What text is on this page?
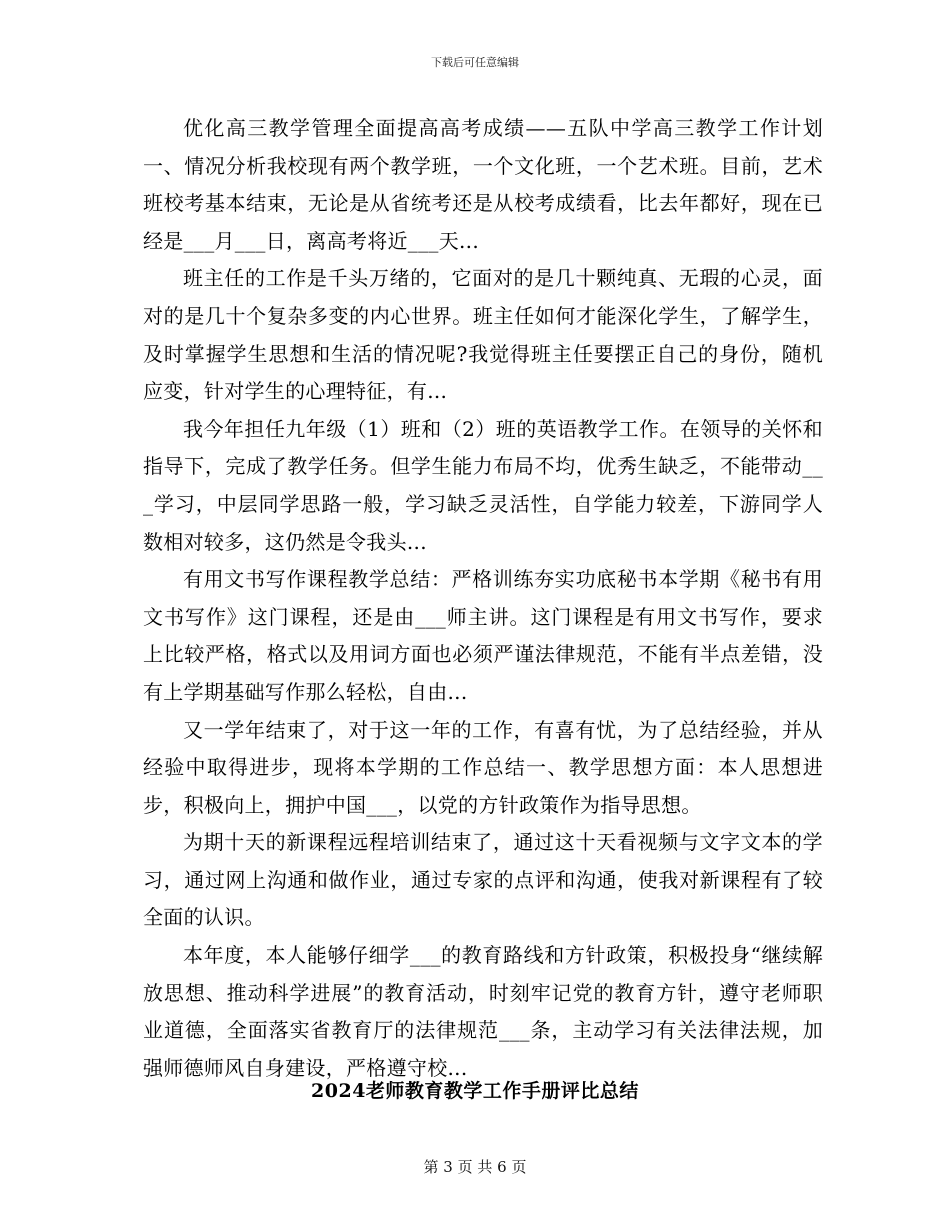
下载后可任意编辑

优化高三教学管理全面提高高考成绩——五队中学高三教学工作计划一、情况分析我校现有两个教学班，一个文化班，一个艺术班。目前，艺术班校考基本结束，无论是从省统考还是从校考成绩看，比去年都好，现在已经是___月___日，离高考将近___天...

班主任的工作是千头万绪的，它面对的是几十颗纯真、无瑕的心灵，面对的是几十个复杂多变的内心世界。班主任如何才能深化学生，了解学生，及时掌握学生思想和生活的情况呢?我觉得班主任要摆正自己的身份，随机应变，针对学生的心理特征，有...

我今年担任九年级（1）班和（2）班的英语教学工作。在领导的关怀和指导下，完成了教学任务。但学生能力布局不均，优秀生缺乏，不能带动___学习，中层同学思路一般，学习缺乏灵活性，自学能力较差，下游同学人数相对较多，这仍然是令我头...

有用文书写作课程教学总结：严格训练夯实功底秘书本学期《秘书有用文书写作》这门课程，还是由___师主讲。这门课程是有用文书写作，要求上比较严格，格式以及用词方面也必须严谨法律规范，不能有半点差错，没有上学期基础写作那么轻松，自由...

又一学年结束了，对于这一年的工作，有喜有忧，为了总结经验，并从经验中取得进步，现将本学期的工作总结一、教学思想方面：本人思想进步，积极向上，拥护中国___，以党的方针政策作为指导思想。

为期十天的新课程远程培训结束了，通过这十天看视频与文字文本的学习，通过网上沟通和做作业，通过专家的点评和沟通，使我对新课程有了较全面的认识。

本年度，本人能够仔细学___的教育路线和方针政策，积极投身“继续解放思想、推动科学进展”的教育活动，时刻牢记党的教育方针，遵守老师职业道德，全面落实省教育厅的法律规范___条，主动学习有关法律法规，加强师德师风自身建设，严格遵守校...

2024老师教育教学工作手册评比总结
第 3 页 共 6 页
